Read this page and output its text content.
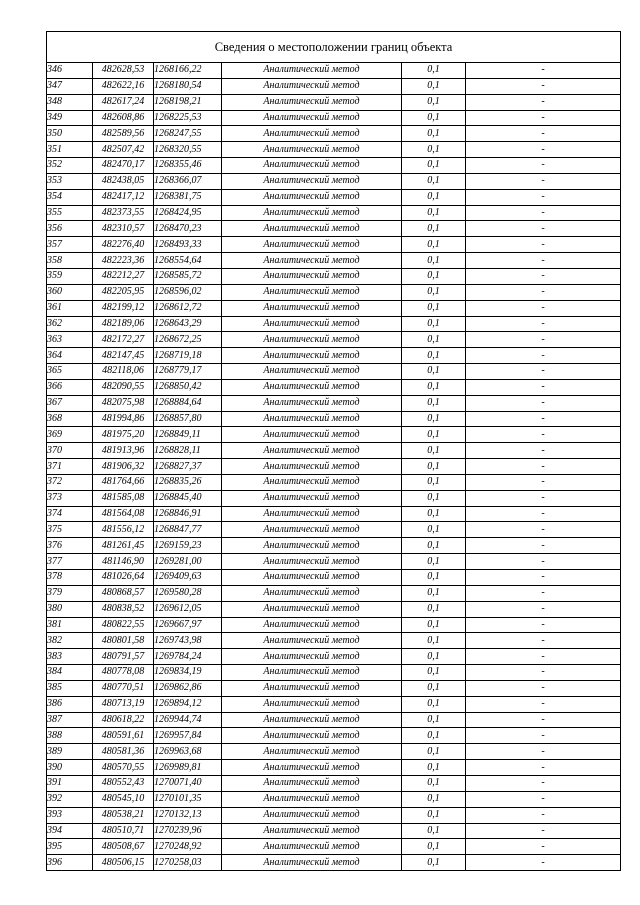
Сведения о местоположении границ объекта					
346	482628,53	1268166,22	Аналитический метод	0,1	-
347	482622,16	1268180,54	Аналитический метод	0,1	-
348	482617,24	1268198,21	Аналитический метод	0,1	-
349	482608,86	1268225,53	Аналитический метод	0,1	-
350	482589,56	1268247,55	Аналитический метод	0,1	-
351	482507,42	1268320,55	Аналитический метод	0,1	-
352	482470,17	1268355,46	Аналитический метод	0,1	-
353	482438,05	1268366,07	Аналитический метод	0,1	-
354	482417,12	1268381,75	Аналитический метод	0,1	-
355	482373,55	1268424,95	Аналитический метод	0,1	-
356	482310,57	1268470,23	Аналитический метод	0,1	-
357	482276,40	1268493,33	Аналитический метод	0,1	-
358	482223,36	1268554,64	Аналитический метод	0,1	-
359	482212,27	1268585,72	Аналитический метод	0,1	-
360	482205,95	1268596,02	Аналитический метод	0,1	-
361	482199,12	1268612,72	Аналитический метод	0,1	-
362	482189,06	1268643,29	Аналитический метод	0,1	-
363	482172,27	1268672,25	Аналитический метод	0,1	-
364	482147,45	1268719,18	Аналитический метод	0,1	-
365	482118,06	1268779,17	Аналитический метод	0,1	-
366	482090,55	1268850,42	Аналитический метод	0,1	-
367	482075,98	1268884,64	Аналитический метод	0,1	-
368	481994,86	1268857,80	Аналитический метод	0,1	-
369	481975,20	1268849,11	Аналитический метод	0,1	-
370	481913,96	1268828,11	Аналитический метод	0,1	-
371	481906,32	1268827,37	Аналитический метод	0,1	-
372	481764,66	1268835,26	Аналитический метод	0,1	-
373	481585,08	1268845,40	Аналитический метод	0,1	-
374	481564,08	1268846,91	Аналитический метод	0,1	-
375	481556,12	1268847,77	Аналитический метод	0,1	-
376	481261,45	1269159,23	Аналитический метод	0,1	-
377	481146,90	1269281,00	Аналитический метод	0,1	-
378	481026,64	1269409,63	Аналитический метод	0,1	-
379	480868,57	1269580,28	Аналитический метод	0,1	-
380	480838,52	1269612,05	Аналитический метод	0,1	-
381	480822,55	1269667,97	Аналитический метод	0,1	-
382	480801,58	1269743,98	Аналитический метод	0,1	-
383	480791,57	1269784,24	Аналитический метод	0,1	-
384	480778,08	1269834,19	Аналитический метод	0,1	-
385	480770,51	1269862,86	Аналитический метод	0,1	-
386	480713,19	1269894,12	Аналитический метод	0,1	-
387	480618,22	1269944,74	Аналитический метод	0,1	-
388	480591,61	1269957,84	Аналитический метод	0,1	-
389	480581,36	1269963,68	Аналитический метод	0,1	-
390	480570,55	1269989,81	Аналитический метод	0,1	-
391	480552,43	1270071,40	Аналитический метод	0,1	-
392	480545,10	1270101,35	Аналитический метод	0,1	-
393	480538,21	1270132,13	Аналитический метод	0,1	-
394	480510,71	1270239,96	Аналитический метод	0,1	-
395	480508,67	1270248,92	Аналитический метод	0,1	-
396	480506,15	1270258,03	Аналитический метод	0,1	-
